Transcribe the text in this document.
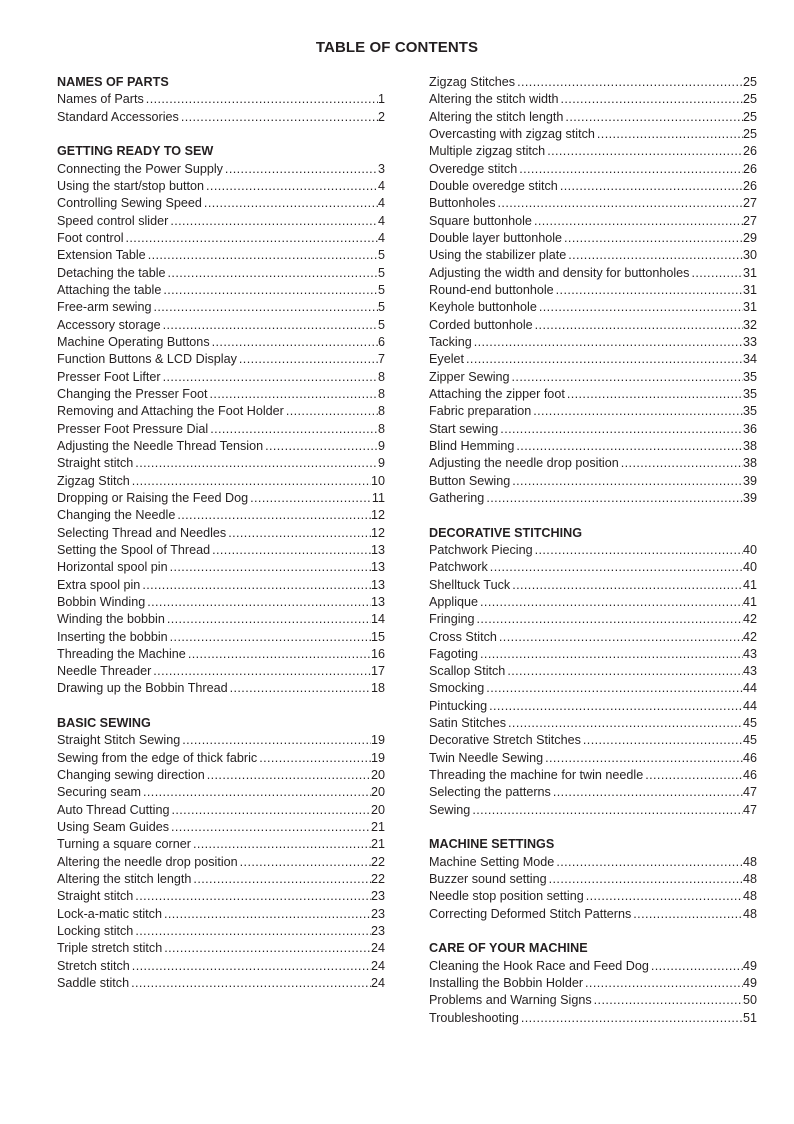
TABLE OF CONTENTS
NAMES OF PARTS
Names of Parts .....	1
Standard Accessories .....	2
GETTING READY TO SEW
Connecting the Power Supply .....	3
Using the start/stop button .....	4
Controlling Sewing Speed .....	4
Speed control slider .....	4
Foot control .....	4
Extension Table .....	5
Detaching the table .....	5
Attaching the table .....	5
Free-arm sewing .....	5
Accessory storage .....	5
Machine Operating Buttons .....	6
Function Buttons & LCD Display .....	7
Presser Foot Lifter .....	8
Changing the Presser Foot .....	8
Removing and Attaching the Foot Holder .....	8
Presser Foot Pressure Dial .....	8
Adjusting the Needle Thread Tension .....	9
Straight stitch .....	9
Zigzag Stitch .....	10
Dropping or Raising the Feed Dog .....	11
Changing the Needle .....	12
Selecting Thread and Needles .....	12
Setting the Spool of Thread .....	13
Horizontal spool pin .....	13
Extra spool pin .....	13
Bobbin Winding .....	13
Winding the bobbin .....	14
Inserting the bobbin .....	15
Threading the Machine .....	16
Needle Threader .....	17
Drawing up the Bobbin Thread .....	18
BASIC SEWING
Straight Stitch Sewing .....	19
Sewing from the edge of thick fabric .....	19
Changing sewing direction .....	20
Securing seam .....	20
Auto Thread Cutting .....	20
Using Seam Guides .....	21
Turning a square corner .....	21
Altering the needle drop position .....	22
Altering the stitch length .....	22
Straight stitch .....	23
Lock-a-matic stitch .....	23
Locking stitch .....	23
Triple stretch stitch .....	24
Stretch stitch .....	24
Saddle stitch .....	24
Zigzag Stitches .....	25
Altering the stitch width .....	25
Altering the stitch length .....	25
Overcasting with zigzag stitch .....	25
Multiple zigzag stitch .....	26
Overedge stitch .....	26
Double overedge stitch .....	26
Buttonholes .....	27
Square buttonhole .....	27
Double layer buttonhole .....	29
Using the stabilizer plate .....	30
Adjusting the width and density for buttonholes .....	31
Round-end buttonhole .....	31
Keyhole buttonhole .....	31
Corded buttonhole .....	32
Tacking .....	33
Eyelet .....	34
Zipper Sewing .....	35
Attaching the zipper foot .....	35
Fabric preparation .....	35
Start sewing .....	36
Blind Hemming .....	38
Adjusting the needle drop position .....	38
Button Sewing .....	39
Gathering .....	39
DECORATIVE STITCHING
Patchwork Piecing .....	40
Patchwork .....	40
Shelltuck Tuck .....	41
Applique .....	41
Fringing .....	42
Cross Stitch .....	42
Fagoting .....	43
Scallop Stitch .....	43
Smocking .....	44
Pintucking .....	44
Satin Stitches .....	45
Decorative Stretch Stitches .....	45
Twin Needle Sewing .....	46
Threading the machine for twin needle .....	46
Selecting the patterns .....	47
Sewing .....	47
MACHINE SETTINGS
Machine Setting Mode .....	48
Buzzer sound setting .....	48
Needle stop position setting .....	48
Correcting Deformed Stitch Patterns .....	48
CARE OF YOUR MACHINE
Cleaning the Hook Race and Feed Dog .....	49
Installing the Bobbin Holder .....	49
Problems and Warning Signs .....	50
Troubleshooting .....	51
